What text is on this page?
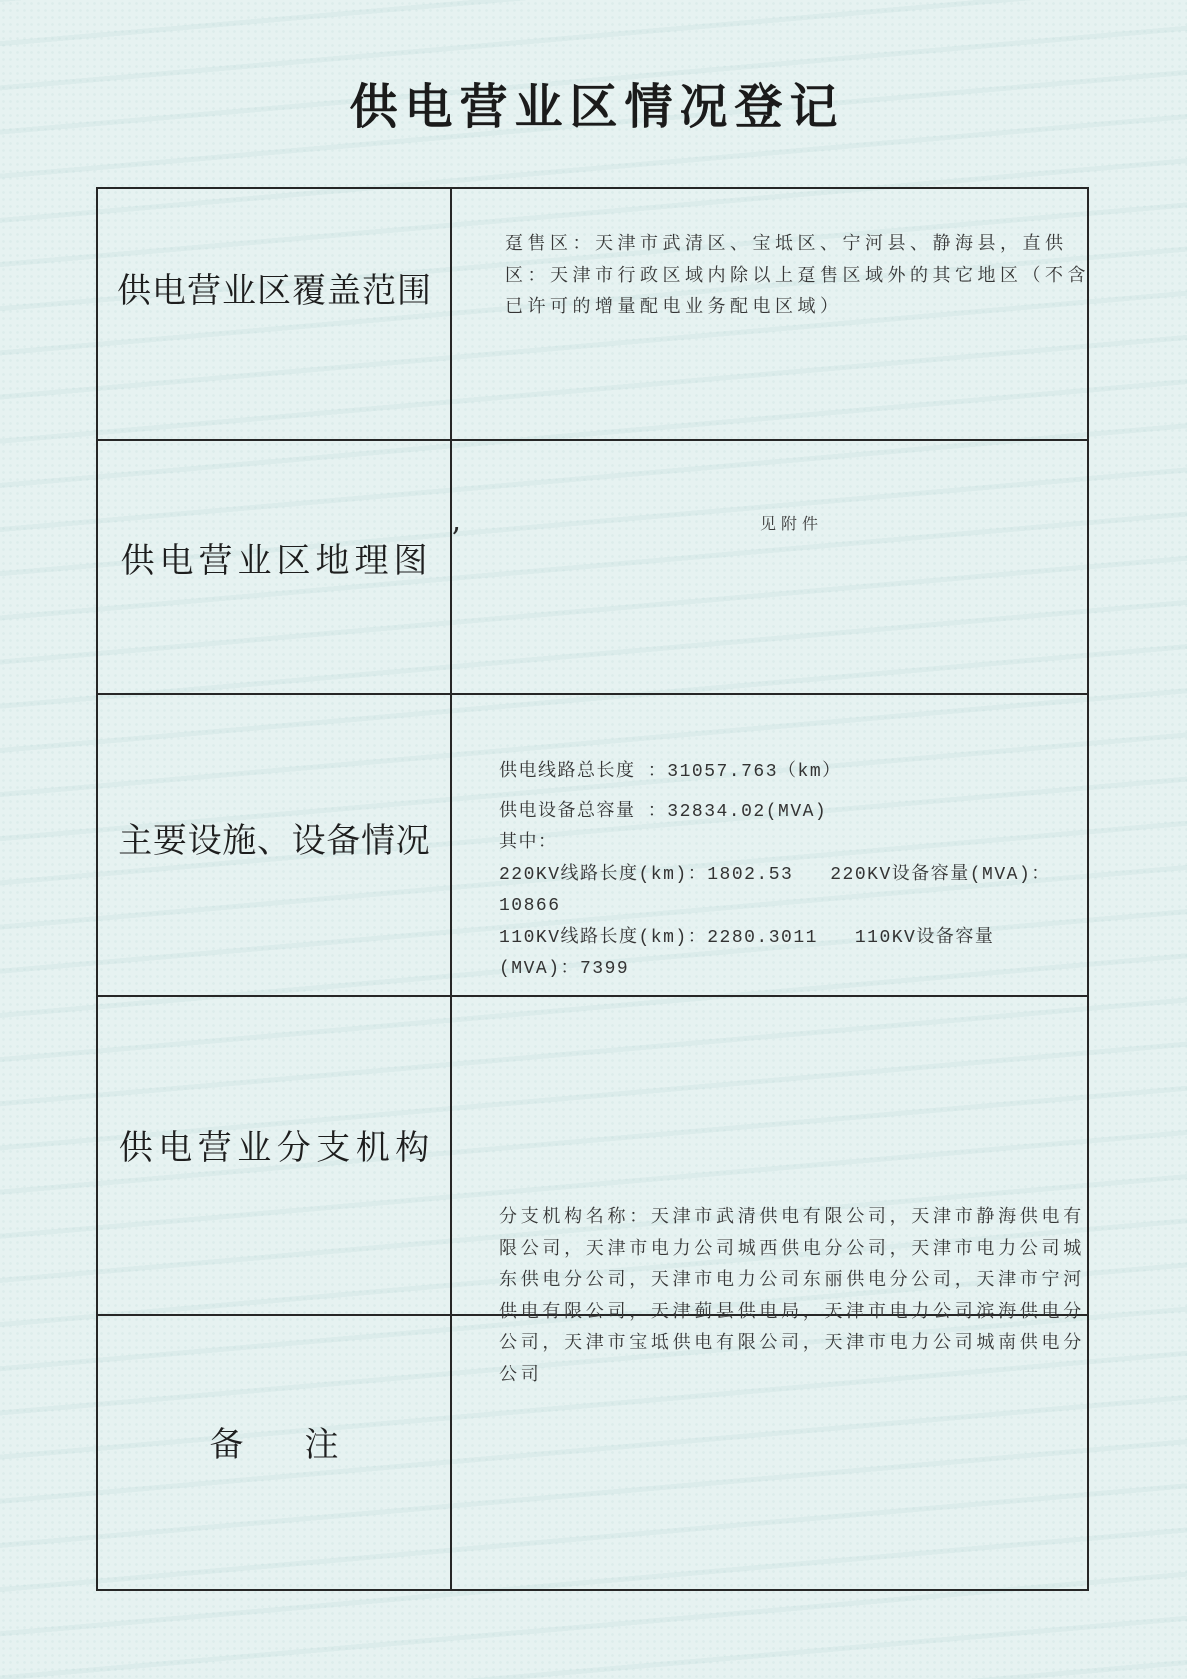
供电营业区情况登记
供电营业区覆盖范围
趸售区：天津市武清区、宝坻区、宁河县、静海县，直供
区：天津市行政区域内除以上趸售区域外的其它地区（不含
已许可的增量配电业务配电区域）
供电营业区地理图
’	见附件
主要设施、设备情况
供电线路总长度 ：31057.763（km）
供电设备总容量 ：32834.02(MVA)
其中：
220KV线路长度(km)：1802.53   220KV设备容量(MVA)：
10866
110KV线路长度(km)：2280.3011   110KV设备容量
(MVA)：7399
供电营业分支机构
分支机构名称：天津市武清供电有限公司，天津市静海供电有
限公司，天津市电力公司城西供电分公司，天津市电力公司城
东供电分公司，天津市电力公司东丽供电分公司，天津市宁河
供电有限公司，天津蓟县供电局，天津市电力公司滨海供电分
公司，天津市宝坻供电有限公司，天津市电力公司城南供电分
公司
备注
